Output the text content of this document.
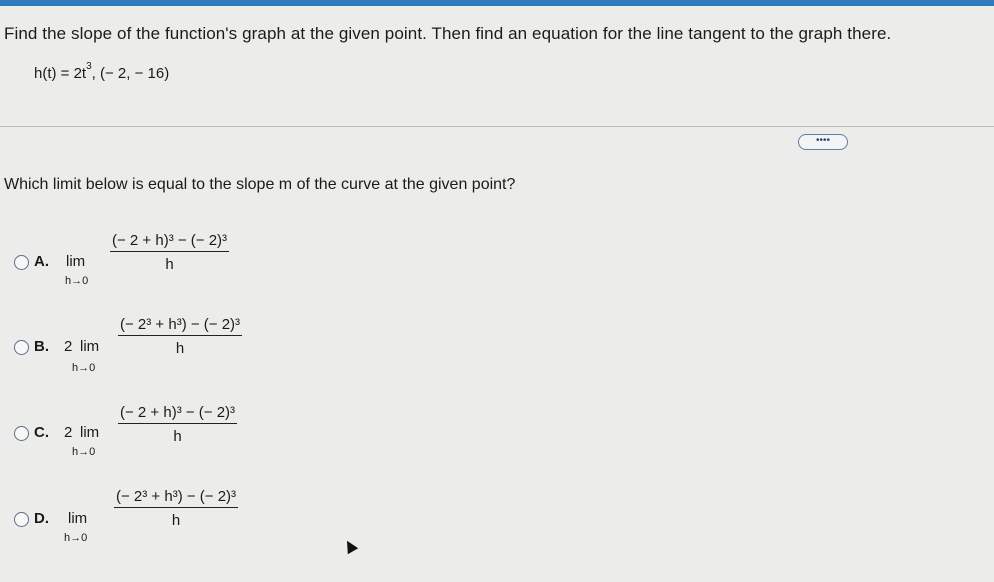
Find the slope of the function's graph at the given point. Then find an equation for the line tangent to the graph there.
$h(t) = 2t^3$, (− 2, − 16)
••••
Which limit below is equal to the slope m of the curve at the given point?
A. lim
h→0
(− 2 + h)³ − (− 2)³
h
B. 2 lim
h→0
(− 2³ + h³) − (− 2)³
h
C. 2 lim
h→0
(− 2 + h)³ − (− 2)³
h
D. lim
h→0
(− 2³ + h³) − (− 2)³
h
